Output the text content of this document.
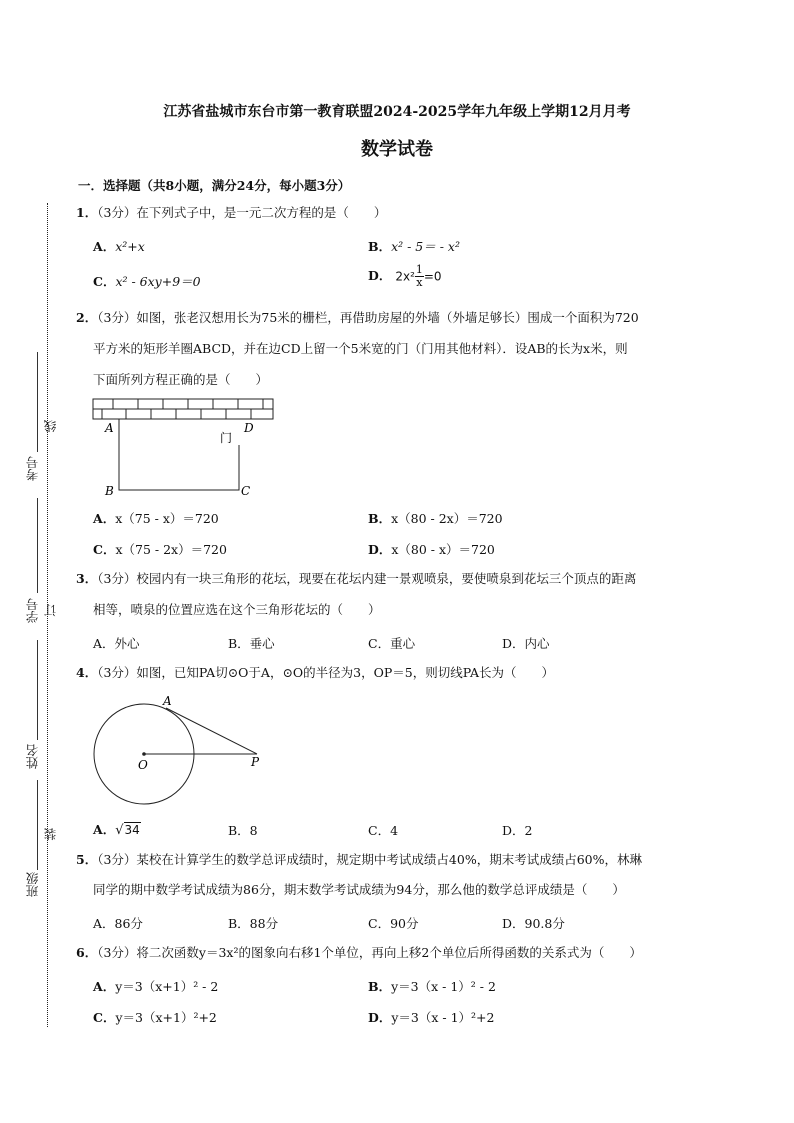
江苏省盐城市东台市第一教育联盟2024-2025学年九年级上学期12月月考
数学试卷
考号
线
学号 订
姓名
装
班级
一．选择题（共8小题，满分24分，每小题3分）
1．（3分）在下列式子中，是一元二次方程的是（　　）
A．x²+x	B．x² - 5＝ - x²
C．x² - 6xy+9＝0	D． $2x^2 \frac{1}{x} =0$
2．（3分）如图，张老汉想用长为75米的栅栏，再借助房屋的外墙（外墙足够长）围成一个面积为720
平方米的矩形羊圈ABCD，并在边CD上留一个5米宽的门（门用其他材料）．设AB的长为x米，则
下面所列方程正确的是（　　）
A	D
门
B	C
A．x（75 - x）＝720	B．x（80 - 2x）＝720
C．x（75 - 2x）＝720	D．x（80 - x）＝720
3．（3分）校园内有一块三角形的花坛，现要在花坛内建一景观喷泉，要使喷泉到花坛三个顶点的距离
相等，喷泉的位置应选在这个三角形花坛的（　　）
A．外心	B．垂心	C．重心	D．内心
4．（3分）如图，已知PA切⊙O于A，⊙O的半径为3，OP＝5，则切线PA长为（　　）
A
O	P
A．√34	B．8	C．4	D．2
5．（3分）某校在计算学生的数学总评成绩时，规定期中考试成绩占40%，期末考试成绩占60%，林琳
同学的期中数学考试成绩为86分，期末数学考试成绩为94分，那么他的数学总评成绩是（　　）
A．86分	B．88分	C．90分	D．90.8分
6．（3分）将二次函数y＝3x²的图象向右移1个单位，再向上移2个单位后所得函数的关系式为（　　）
A．y＝3（x+1）² - 2	B．y＝3（x - 1）² - 2
C．y＝3（x+1）²+2	D．y＝3（x - 1）²+2
